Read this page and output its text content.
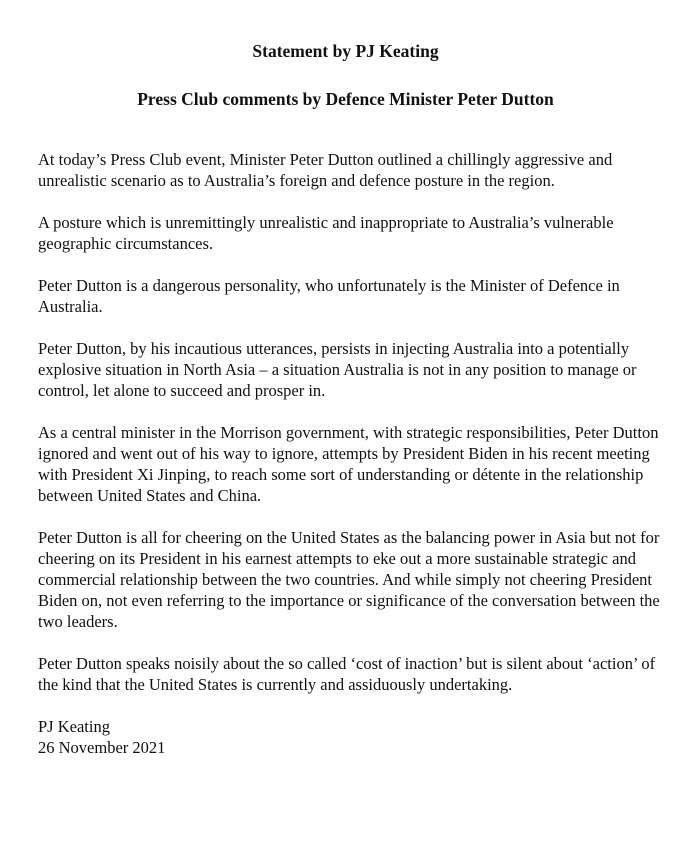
Statement by PJ Keating
Press Club comments by Defence Minister Peter Dutton

At today’s Press Club event, Minister Peter Dutton outlined a chillingly aggressive and unrealistic scenario as to Australia’s foreign and defence posture in the region.

A posture which is unremittingly unrealistic and inappropriate to Australia’s vulnerable geographic circumstances.

Peter Dutton is a dangerous personality, who unfortunately is the Minister of Defence in Australia.

Peter Dutton, by his incautious utterances, persists in injecting Australia into a potentially explosive situation in North Asia – a situation Australia is not in any position to manage or control, let alone to succeed and prosper in.

As a central minister in the Morrison government, with strategic responsibilities, Peter Dutton ignored and went out of his way to ignore, attempts by President Biden in his recent meeting with President Xi Jinping, to reach some sort of understanding or détente in the relationship between United States and China.

Peter Dutton is all for cheering on the United States as the balancing power in Asia but not for cheering on its President in his earnest attempts to eke out a more sustainable strategic and commercial relationship between the two countries. And while simply not cheering President Biden on, not even referring to the importance or significance of the conversation between the two leaders.

Peter Dutton speaks noisily about the so called ‘cost of inaction’ but is silent about ‘action’ of the kind that the United States is currently and assiduously undertaking.

PJ Keating
26 November 2021
